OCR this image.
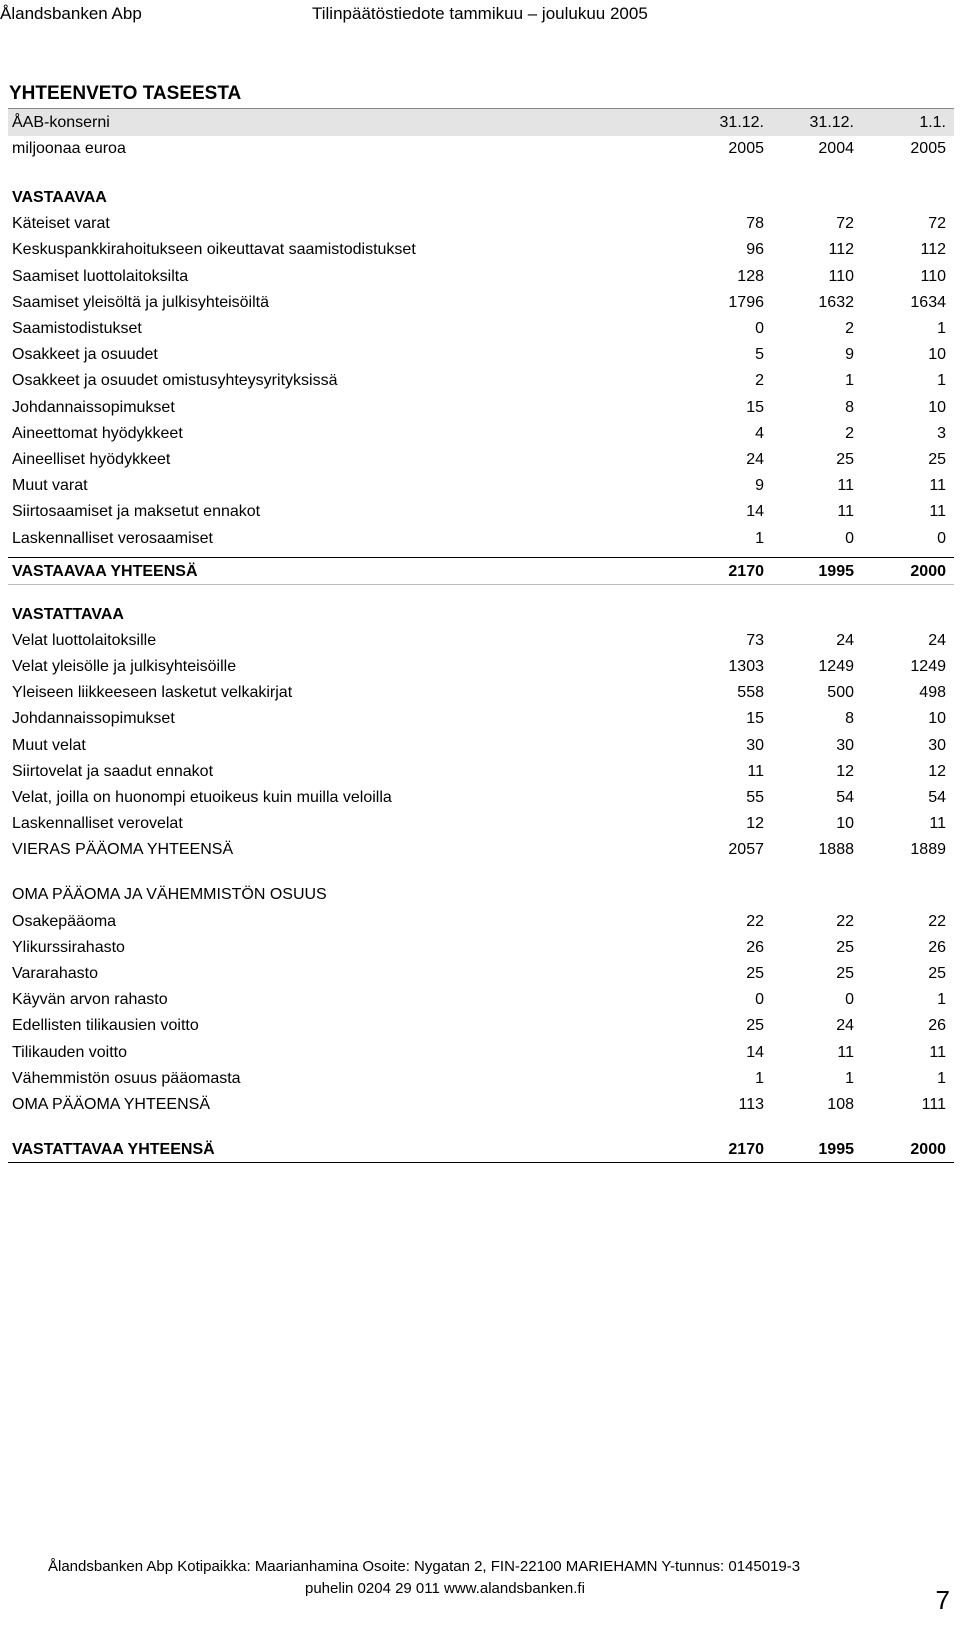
Ålandsbanken Abp	Tilinpäätöstiedote tammikuu – joulukuu 2005
YHTEENVETO TASEESTA
ÅAB-konserni	31.12.	31.12.	1.1.
miljoonaa euroa	2005	2004	2005
VASTAAVAA
Käteiset varat	78	72	72
Keskuspankkirahoitukseen oikeuttavat saamistodistukset	96	112	112
Saamiset luottolaitoksilta	128	110	110
Saamiset yleisöltä ja julkisyhteisöiltä	1796	1632	1634
Saamistodistukset	0	2	1
Osakkeet ja osuudet	5	9	10
Osakkeet ja osuudet omistusyhteysyrityksissä	2	1	1
Johdannaissopimukset	15	8	10
Aineettomat hyödykkeet	4	2	3
Aineelliset hyödykkeet	24	25	25
Muut varat	9	11	11
Siirtosaamiset ja maksetut ennakot	14	11	11
Laskennalliset verosaamiset	1	0	0
VASTAAVAA YHTEENSÄ	2170	1995	2000
VASTATTAVAA
Velat luottolaitoksille	73	24	24
Velat yleisölle ja julkisyhteisöille	1303	1249	1249
Yleiseen liikkeeseen lasketut velkakirjat	558	500	498
Johdannaissopimukset	15	8	10
Muut velat	30	30	30
Siirtovelat ja saadut ennakot	11	12	12
Velat, joilla on huonompi etuoikeus kuin muilla veloilla	55	54	54
Laskennalliset verovelat	12	10	11
VIERAS PÄÄOMA YHTEENSÄ	2057	1888	1889
OMA PÄÄOMA JA VÄHEMMISTÖN OSUUS
Osakepääoma	22	22	22
Ylikurssirahasto	26	25	26
Vararahasto	25	25	25
Käyvän arvon rahasto	0	0	1
Edellisten tilikausien voitto	25	24	26
Tilikauden voitto	14	11	11
Vähemmistön osuus pääomasta	1	1	1
OMA PÄÄOMA YHTEENSÄ	113	108	111
VASTATTAVAA YHTEENSÄ	2170	1995	2000
Ålandsbanken Abp Kotipaikka: Maarianhamina Osoite: Nygatan 2, FIN-22100 MARIEHAMN Y-tunnus: 0145019-3
puhelin 0204 29 011 www.alandsbanken.fi	7
